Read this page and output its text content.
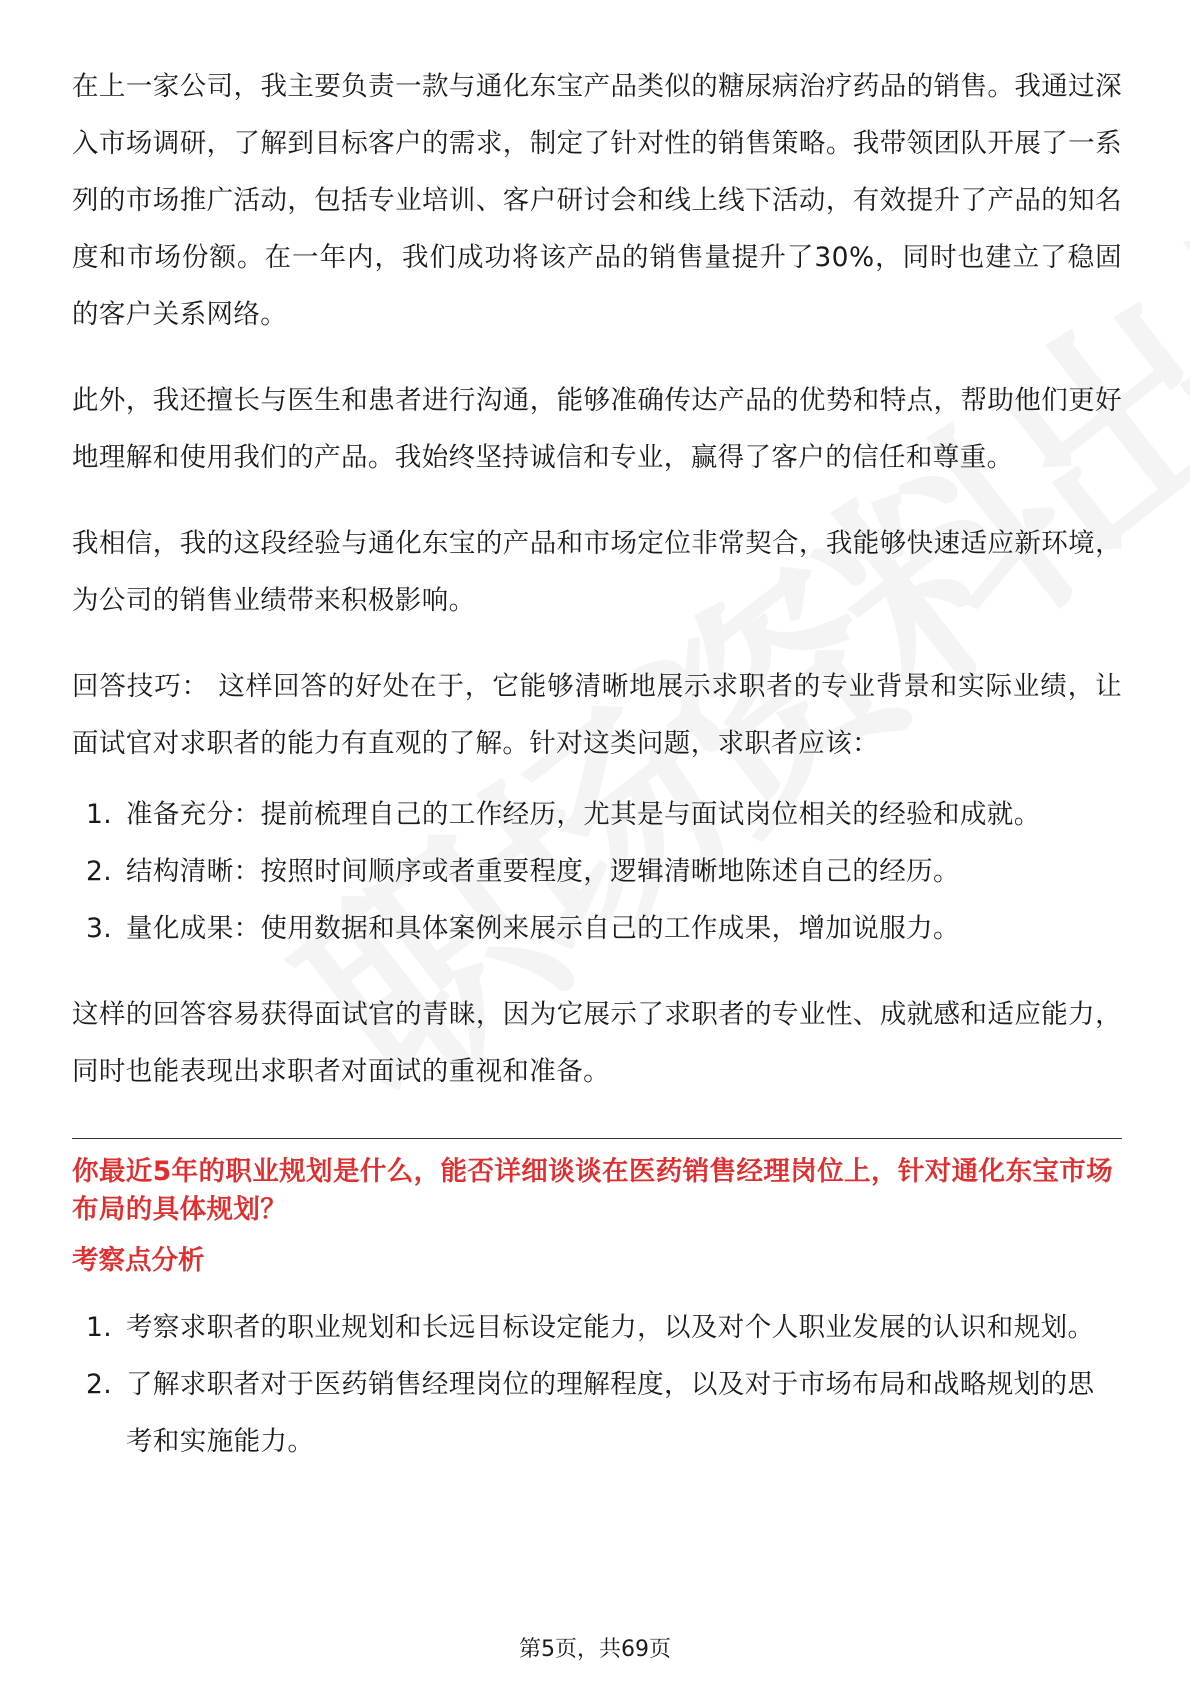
在上一家公司，我主要负责一款与通化东宝产品类似的糖尿病治疗药品的销售。我通过深入市场调研，了解到目标客户的需求，制定了针对性的销售策略。我带领团队开展了一系列的市场推广活动，包括专业培训、客户研讨会和线上线下活动，有效提升了产品的知名度和市场份额。在一年内，我们成功将该产品的销售量提升了30%，同时也建立了稳固的客户关系网络。

此外，我还擅长与医生和患者进行沟通，能够准确传达产品的优势和特点，帮助他们更好地理解和使用我们的产品。我始终坚持诚信和专业，赢得了客户的信任和尊重。

我相信，我的这段经验与通化东宝的产品和市场定位非常契合，我能够快速适应新环境，为公司的销售业绩带来积极影响。

回答技巧： 这样回答的好处在于，它能够清晰地展示求职者的专业背景和实际业绩，让面试官对求职者的能力有直观的了解。针对这类问题，求职者应该：

1. 准备充分：提前梳理自己的工作经历，尤其是与面试岗位相关的经验和成就。
2. 结构清晰：按照时间顺序或者重要程度，逻辑清晰地陈述自己的经历。
3. 量化成果：使用数据和具体案例来展示自己的工作成果，增加说服力。

这样的回答容易获得面试官的青睐，因为它展示了求职者的专业性、成就感和适应能力，同时也能表现出求职者对面试的重视和准备。

你最近5年的职业规划是什么，能否详细谈谈在医药销售经理岗位上，针对通化东宝市场布局的具体规划？

考察点分析

1. 考察求职者的职业规划和长远目标设定能力，以及对个人职业发展的认识和规划。
2. 了解求职者对于医药销售经理岗位的理解程度，以及对于市场布局和战略规划的思考和实施能力。
第5页，共69页
